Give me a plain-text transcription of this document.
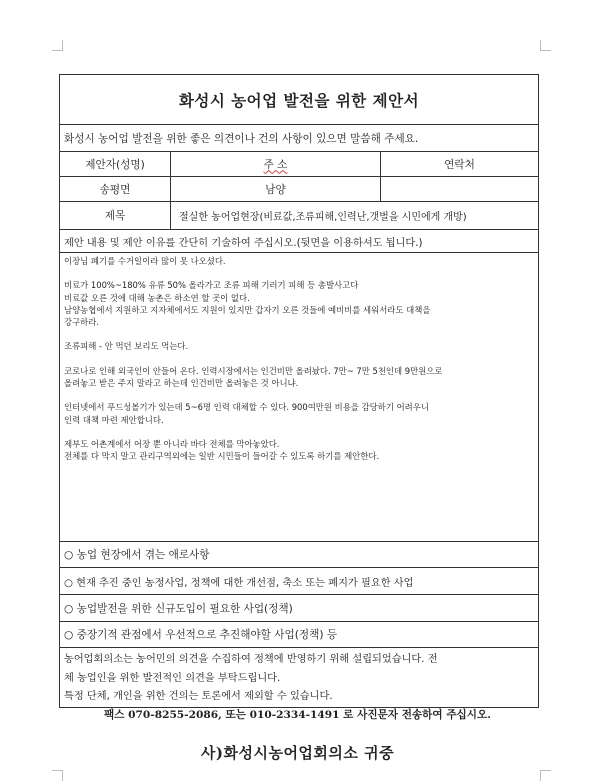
화성시 농어업 발전을 위한 제안서
화성시 농어업 발전을 위한 좋은 의견이나 건의 사항이 있으면 말씀해 주세요.
제안자(성명)	주 소	연락처
송평면	남양
제목	절실한 농어업현장(비료값,조류피해,인력난,갯벌을 시민에게 개방)
제안 내용 및 제안 이유를 간단히 기술하여 주십시오.(뒷면을 이용하셔도 됩니다.)

이장님 폐기를 수거일이라 많이 못 나오셨다.

비료가 100%~180% 유류 50% 올라가고 조류 피해 기러기 피해 등 총발사고다

비료값 오른 것에 대해 농촌은 하소연 할 곳이 없다.

남양농협에서 지원하고 지자체에서도 지원이 있지만 갑자기 오른 것들에 예비비를 세워서라도 대책을

강구하라.

조류피해 - 안 먹던 보리도 먹는다.

코로나로 인해 외국인이 안들어 온다. 인력시장에서는 인건비만 올려놨다. 7만~ 7만 5천인데 9만원으로

올려놓고 받은 주지 말라고 하는데 인건비만 올려놓은 것 아니냐.

인터넷에서 푸드성볼기가 있는데 5~6명 인력 대체할 수 있다. 900여만원 비용을 감당하기 어려우니

인력 대책 마련 제안합니다.

제부도 어촌계에서 어장 뿐 아니라 바다 전체를 막아놓았다.

전체를 다 막지 말고 관리구역외에는 일반 시민들이 들어갈 수 있도록 하기를 제안한다.

○ 농업 현장에서 겪는 애로사항
○ 현재 추진 중인 농정사업, 정책에 대한 개선점, 축소 또는 폐지가 필요한 사업
○ 농업발전을 위한 신규도입이 필요한 사업(정책)
○ 중장기적 관점에서 우선적으로 추진해야할 사업(정책) 등
농어업회의소는 농어민의 의견을 수집하여 정책에 반영하기 위해 설립되었습니다. 전
체 농업인을 위한 발전적인 의견을 부탁드립니다.
특정 단체, 개인을 위한 건의는 토론에서 제외할 수 있습니다.
팩스 070-8255-2086, 또는 010-2334-1491 로 사진문자 전송하여 주십시오.
사)화성시농어업회의소 귀중
